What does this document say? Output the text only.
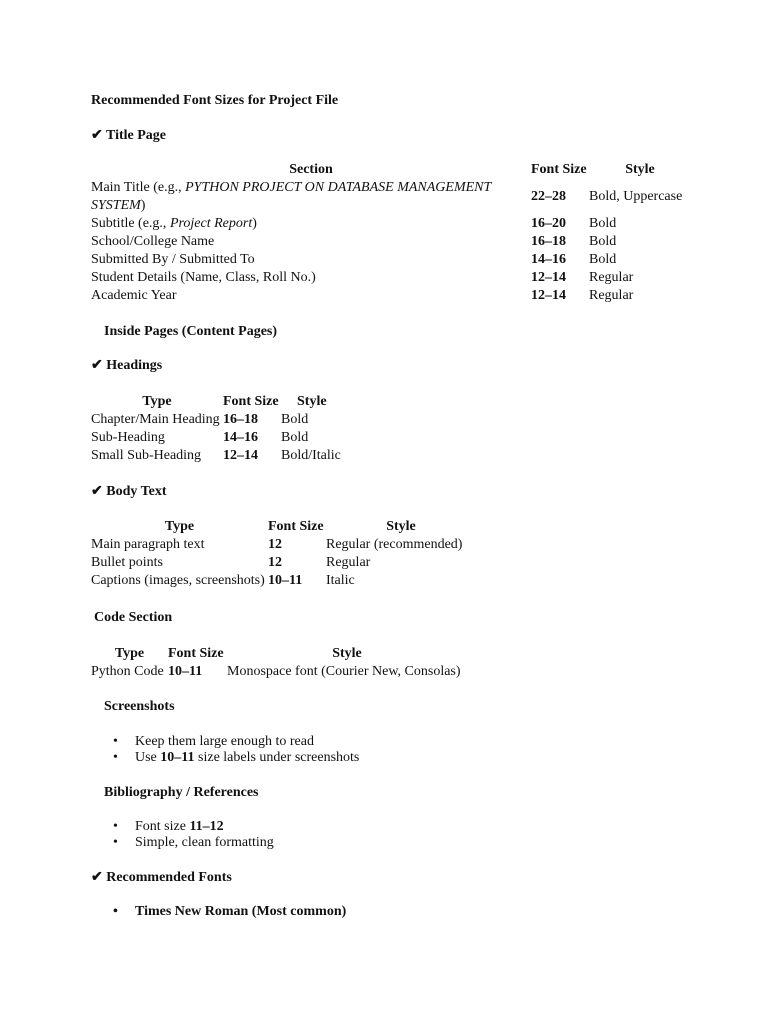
Recommended Font Sizes for Project File
✔ Title Page
Section	Font Size	Style
Main Title (e.g., PYTHON PROJECT ON DATABASE MANAGEMENT SYSTEM)	22–28	Bold, Uppercase
Subtitle (e.g., Project Report)	16–20	Bold
School/College Name	16–18	Bold
Submitted By / Submitted To	14–16	Bold
Student Details (Name, Class, Roll No.)	12–14	Regular
Academic Year	12–14	Regular
Inside Pages (Content Pages)
✔ Headings
Type	Font Size	Style
Chapter/Main Heading	16–18	Bold
Sub-Heading	14–16	Bold
Small Sub-Heading	12–14	Bold/Italic
✔ Body Text
Type	Font Size	Style
Main paragraph text	12	Regular (recommended)
Bullet points	12	Regular
Captions (images, screenshots)	10–11	Italic
Code Section
Type	Font Size	Style
Python Code	10–11	Monospace font (Courier New, Consolas)
Screenshots
• Keep them large enough to read
• Use 10–11 size labels under screenshots
Bibliography / References
• Font size 11–12
• Simple, clean formatting
✔ Recommended Fonts
• Times New Roman (Most common)
